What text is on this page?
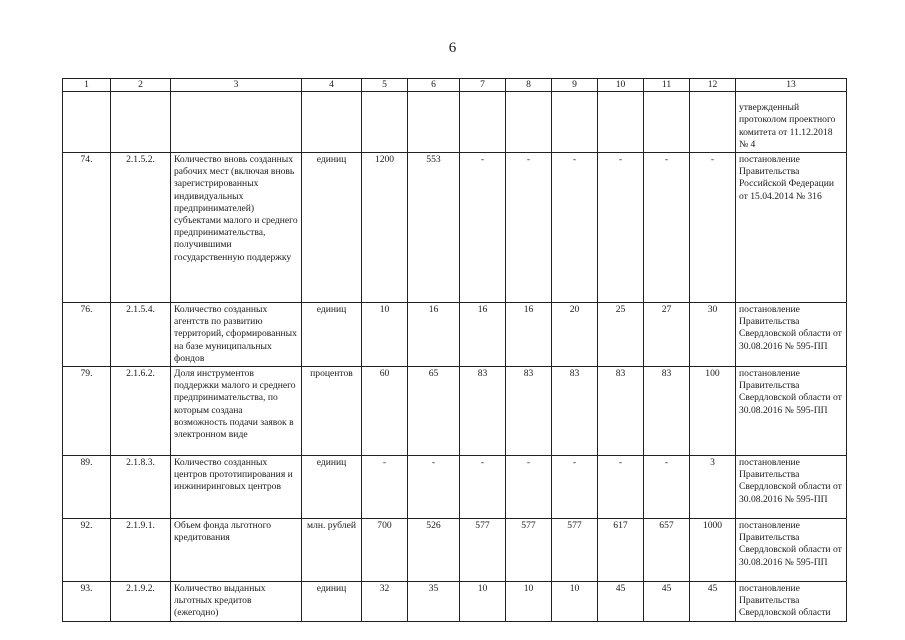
6
1	2	3	4	5	6	7	8	9	10	11	12	13
												утвержденный протоколом проектного комитета от 11.12.2018 № 4
74.	2.1.5.2.	Количество вновь созданных рабочих мест (включая вновь зарегистрированных индивидуальных предпринимателей) субъектами малого и среднего предпринимательства, получившими государственную поддержку	единиц	1200	553	-	-	-	-	-	-	постановление Правительства Российской Федерации от 15.04.2014 № 316
76.	2.1.5.4.	Количество созданных агентств по развитию территорий, сформированных на базе муниципальных фондов	единиц	10	16	16	16	20	25	27	30	постановление Правительства Свердловской области от 30.08.2016 № 595-ПП
79.	2.1.6.2.	Доля инструментов поддержки малого и среднего предпринимательства, по которым создана возможность подачи заявок в электронном виде	процентов	60	65	83	83	83	83	83	100	постановление Правительства Свердловской области от 30.08.2016 № 595-ПП
89.	2.1.8.3.	Количество созданных центров прототипирования и инжиниринговых центров	единиц	-	-	-	-	-	-	-	3	постановление Правительства Свердловской области от 30.08.2016 № 595-ПП
92.	2.1.9.1.	Объем фонда льготного кредитования	млн. рублей	700	526	577	577	577	617	657	1000	постановление Правительства Свердловской области от 30.08.2016 № 595-ПП
93.	2.1.9.2.	Количество выданных льготных кредитов (ежегодно)	единиц	32	35	10	10	10	45	45	45	постановление Правительства Свердловской области
